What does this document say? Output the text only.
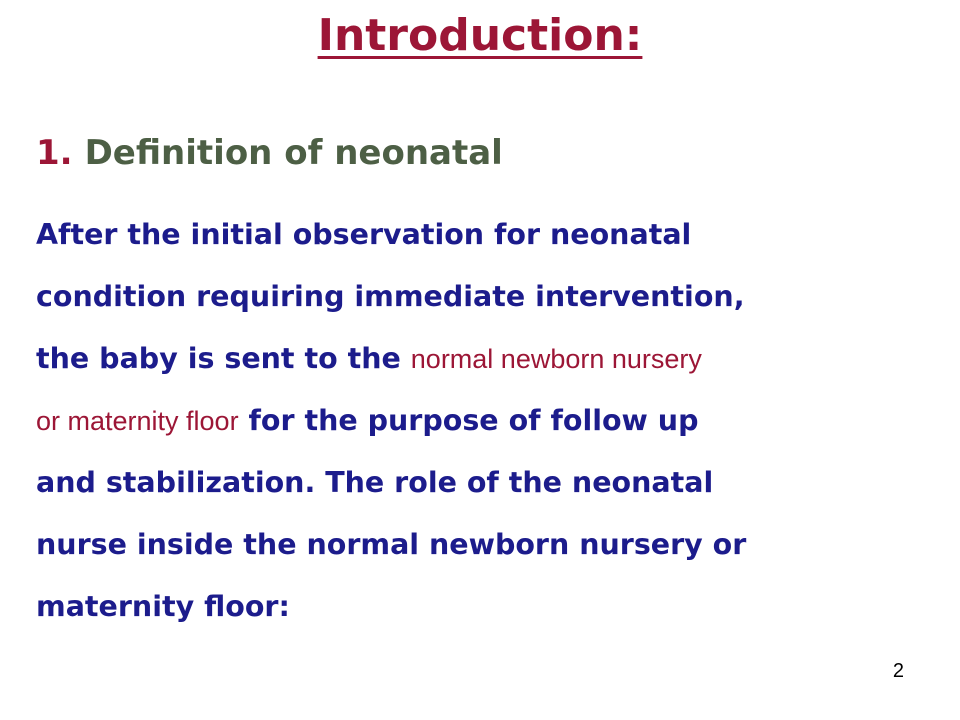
Introduction:
1. Definition of neonatal

After the initial observation for neonatal
condition requiring immediate intervention,
the baby is sent to the normal newborn nursery
or maternity floor for the purpose of follow up
and stabilization. The role of the neonatal
nurse inside the normal newborn nursery or
maternity floor:

2
